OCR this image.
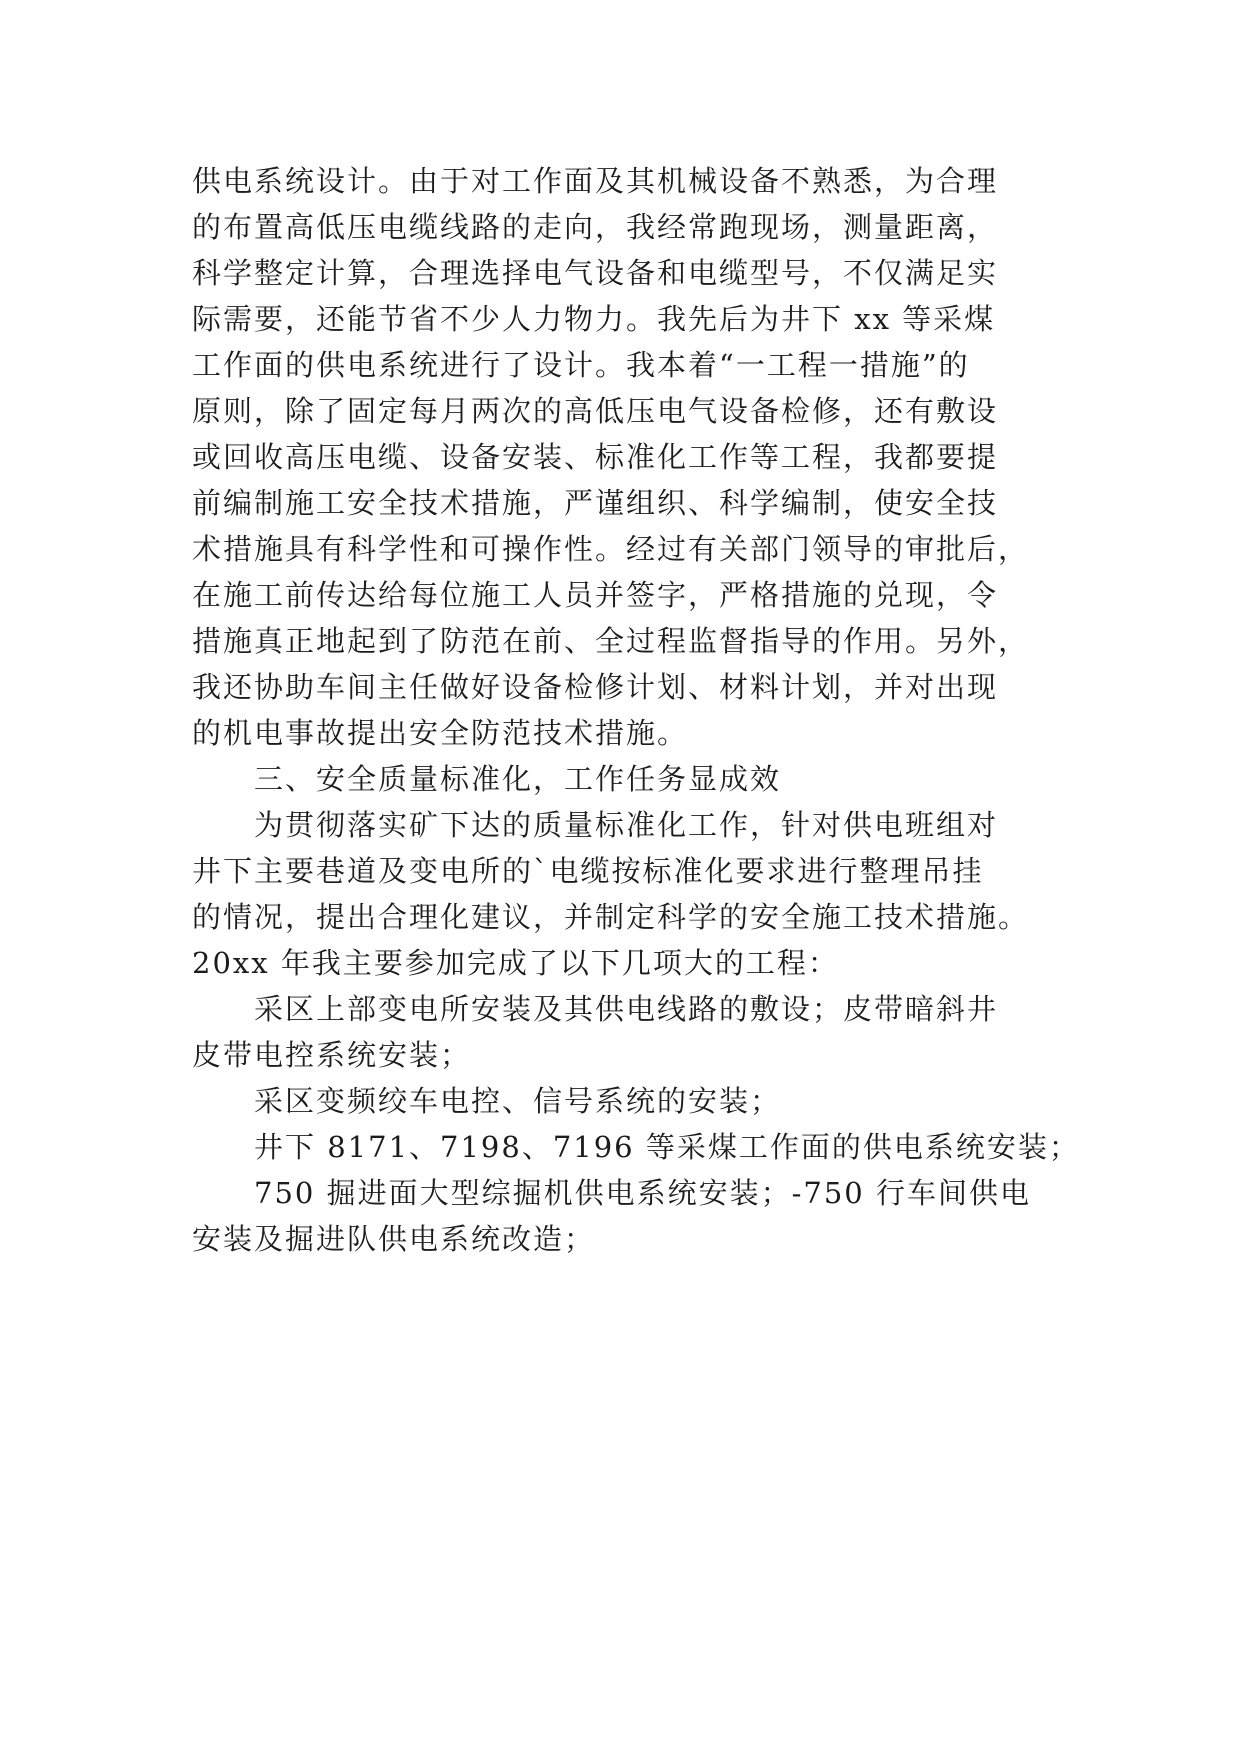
供电系统设计。由于对工作面及其机械设备不熟悉，为合理
的布置高低压电缆线路的走向，我经常跑现场，测量距离，
科学整定计算，合理选择电气设备和电缆型号，不仅满足实
际需要，还能节省不少人力物力。我先后为井下 xx 等采煤
工作面的供电系统进行了设计。我本着“一工程一措施”的
原则，除了固定每月两次的高低压电气设备检修，还有敷设
或回收高压电缆、设备安装、标准化工作等工程，我都要提
前编制施工安全技术措施，严谨组织、科学编制，使安全技
术措施具有科学性和可操作性。经过有关部门领导的审批后，
在施工前传达给每位施工人员并签字，严格措施的兑现，令
措施真正地起到了防范在前、全过程监督指导的作用。另外，
我还协助车间主任做好设备检修计划、材料计划，并对出现
的机电事故提出安全防范技术措施。
三、安全质量标准化，工作任务显成效
为贯彻落实矿下达的质量标准化工作，针对供电班组对
井下主要巷道及变电所的`电缆按标准化要求进行整理吊挂
的情况，提出合理化建议，并制定科学的安全施工技术措施。
20xx 年我主要参加完成了以下几项大的工程：
采区上部变电所安装及其供电线路的敷设；皮带暗斜井
皮带电控系统安装；
采区变频绞车电控、信号系统的安装；
井下 8171、7198、7196 等采煤工作面的供电系统安装；
750 掘进面大型综掘机供电系统安装；-750 行车间供电
安装及掘进队供电系统改造；
